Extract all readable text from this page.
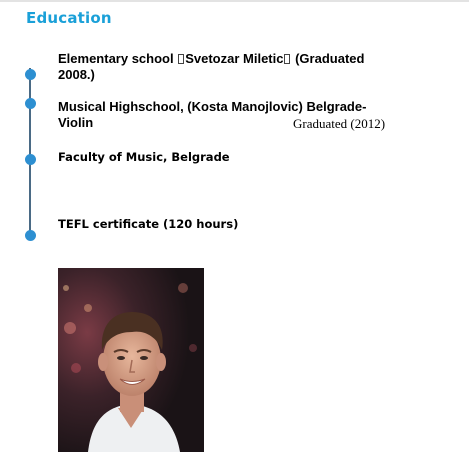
Education
Elementary school Svetozar Miletic (Graduated
2008.)
Musical Highschool, (Kosta Manojlovic) Belgrade-
Violin	Graduated (2012)
Faculty of Music, Belgrade
TEFL certificate (120 hours)
